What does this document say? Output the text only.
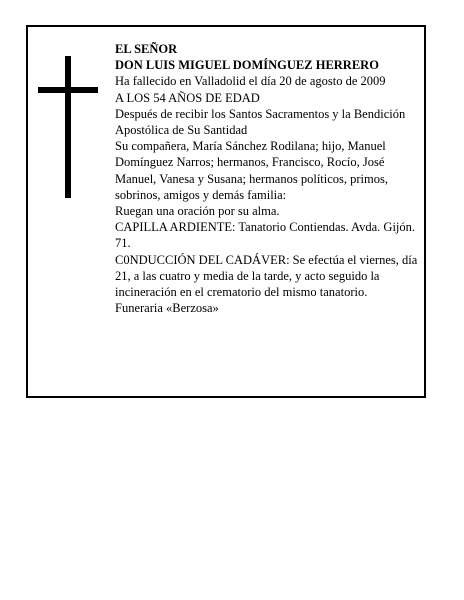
EL SEÑOR

DON LUIS MIGUEL DOMÍNGUEZ HERRERO

Ha fallecido en Valladolid el día 20 de agosto de 2009

A LOS 54 AÑOS DE EDAD

Después de recibir los Santos Sacramentos y la Bendición Apostólica de Su Santidad

Su compañera, María Sánchez Rodilana; hijo, Manuel Domínguez Narros; hermanos, Francisco, Rocío, José Manuel, Vanesa y Susana; hermanos políticos, primos, sobrinos, amigos y demás familia:

Ruegan una oración por su alma.

CAPILLA ARDIENTE: Tanatorio Contiendas. Avda. Gijón. 71.

C0NDUCCIÓN DEL CADÁVER: Se efectúa el viernes, día 21, a las cuatro y media de la tarde, y acto seguido la incineración en el crematorio del mismo tanatorio.

Funeraria «Berzosa»
